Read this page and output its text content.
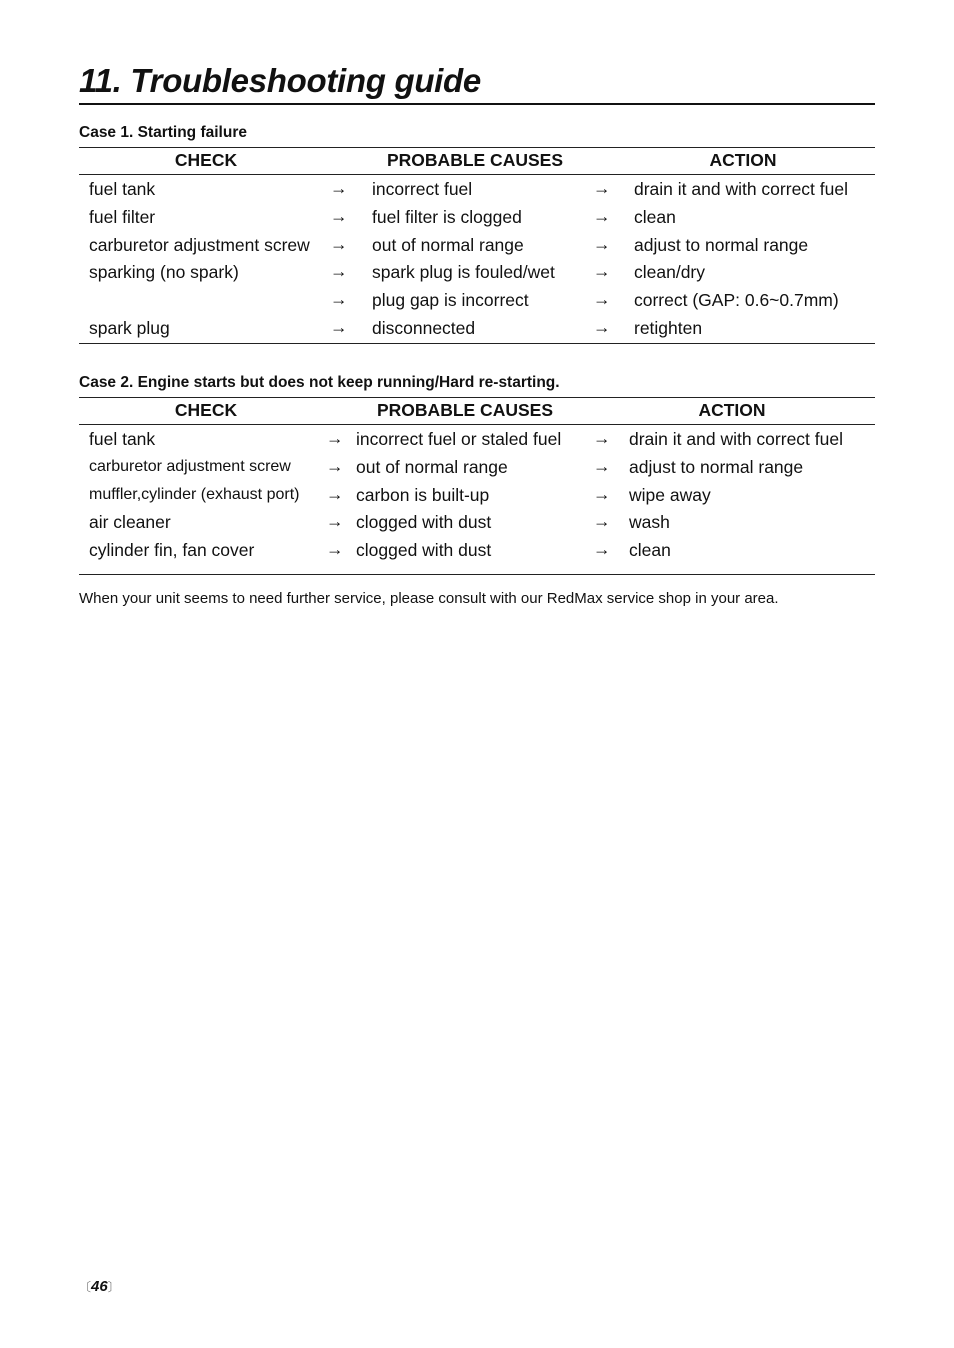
11. Troubleshooting guide
Case 1. Starting failure
CHECK	PROBABLE CAUSES	ACTION
fuel tank	→ incorrect fuel	→ drain it and with correct fuel
fuel filter	→ fuel filter is clogged	→ clean
carburetor adjustment screw → out of normal range	→ adjust to normal range
sparking (no spark)	→ spark plug is fouled/wet → clean/dry
→ plug gap is incorrect	→ correct (GAP: 0.6~0.7mm)
spark plug	→ disconnected	→ retighten
Case 2. Engine starts but does not keep running/Hard re-starting.
CHECK	PROBABLE CAUSES	ACTION
fuel tank	→ incorrect fuel or staled fuel → drain it and with correct fuel
carburetor adjustment screw → out of normal range	→ adjust to normal range
muffler,cylinder (exhaust port) → carbon is built-up	→ wipe away
air cleaner	→ clogged with dust	→ wash
cylinder fin, fan cover	→ clogged with dust	→ clean

When your unit seems to need further service, please consult with our RedMax service shop in your area.

〔46〕
